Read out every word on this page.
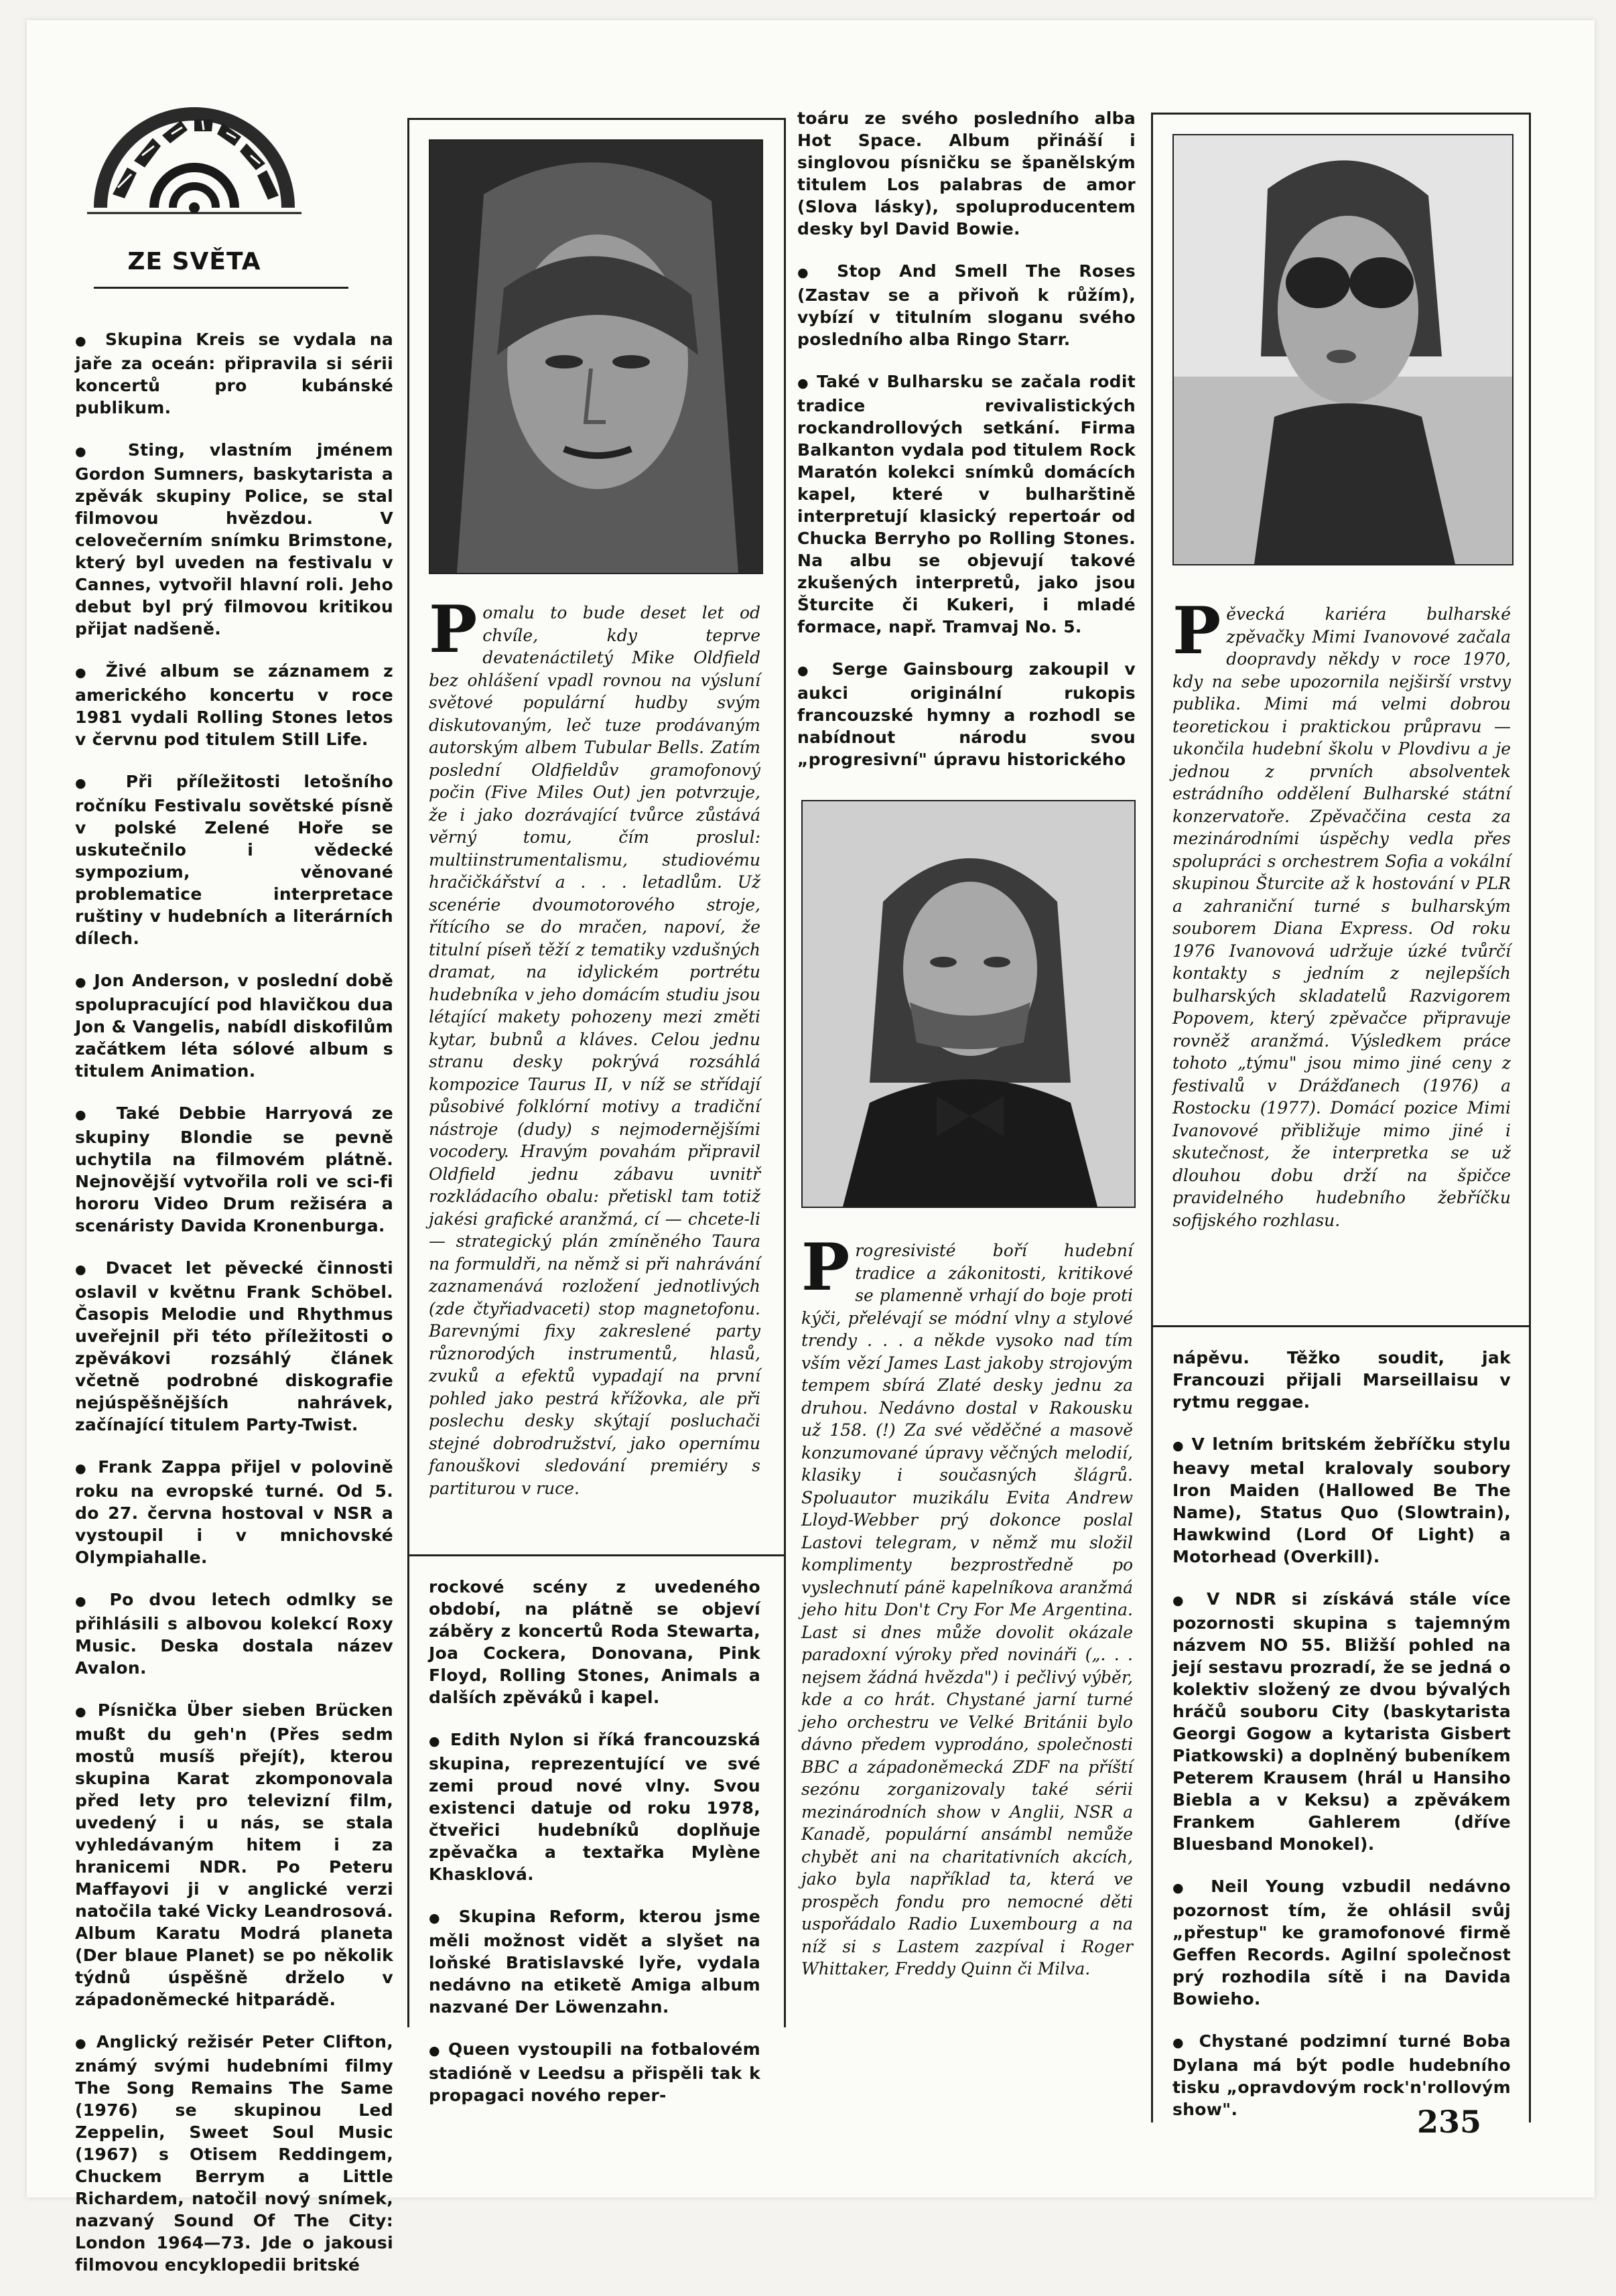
ZE SVĚTA

● Skupina Kreis se vydala na jaře za oceán: připravila si sérii koncertů pro kubánské publikum.

● Sting, vlastním jménem Gordon Sumners, baskytarista a zpěvák skupiny Police, se stal filmovou hvězdou. V celovečerním snímku Brimstone, který byl uveden na festivalu v Cannes, vytvořil hlavní roli. Jeho debut byl prý filmovou kritikou přijat nadšeně.

● Živé album se záznamem z amerického koncertu v roce 1981 vydali Rolling Stones letos v červnu pod titulem Still Life.

● Při příležitosti letošního ročníku Festivalu sovětské písně v polské Zelené Hoře se uskutečnilo i vědecké sympozium, věnované problematice interpretace ruštiny v hudebních a literárních dílech.

● Jon Anderson, v poslední době spolupracující pod hlavičkou dua Jon & Vangelis, nabídl diskofilům začátkem léta sólové album s titulem Animation.

● Také Debbie Harryová ze skupiny Blondie se pevně uchytila na filmovém plátně. Nejnovější vytvořila roli ve sci-fi hororu Video Drum režiséra a scenáristy Davida Kronenburga.

● Dvacet let pěvecké činnosti oslavil v květnu Frank Schöbel. Časopis Melodie und Rhythmus uveřejnil při této příležitosti o zpěvákovi rozsáhlý článek včetně podrobné diskografie nejúspěšnějších nahrávek, začínající titulem Party-Twist.

● Frank Zappa přijel v polovině roku na evropské turné. Od 5. do 27. června hostoval v NSR a vystoupil i v mnichovské Olympiahalle.

● Po dvou letech odmlky se přihlásili s albovou kolekcí Roxy Music. Deska dostala název Avalon.

● Písnička Über sieben Brücken mußt du geh'n (Přes sedm mostů musíš přejít), kterou skupina Karat zkomponovala před lety pro televizní film, uvedený i u nás, se stala vyhledávaným hitem i za hranicemi NDR. Po Peteru Maffayovi ji v anglické verzi natočila také Vicky Leandrosová. Album Karatu Modrá planeta (Der blaue Planet) se po několik týdnů úspěšně drželo v západoněmecké hitparádě.

● Anglický režisér Peter Clifton, známý svými hudebními filmy The Song Remains The Same (1976) se skupinou Led Zeppelin, Sweet Soul Music (1967) s Otisem Reddingem, Chuckem Berrym a Little Richardem, natočil nový snímek, nazvaný Sound Of The City: London 1964—73. Jde o jakousi filmovou encyklopedii britské

Pomalu to bude deset let od chvíle, kdy teprve devatenáctiletý Mike Oldfield bez ohlášení vpadl rovnou na výsluní světové populární hudby svým diskutovaným, leč tuze prodávaným autorským albem Tubular Bells. Zatím poslední Oldfieldův gramofonový počin (Five Miles Out) jen potvrzuje, že i jako dozrávající tvůrce zůstává věrný tomu, čím proslul: multiinstrumentalismu, studiovému hračičkářství a . . . letadlům. Už scenérie dvoumotorového stroje, řítícího se do mračen, napoví, že titulní píseň těží z tematiky vzdušných dramat, na idylickém portrétu hudebníka v jeho domácím studiu jsou létající makety pohozeny mezi změti kytar, bubnů a kláves. Celou jednu stranu desky pokrývá rozsáhlá kompozice Taurus II, v níž se střídají působivé folklórní motivy a tradiční nástroje (dudy) s nejmodernějšími vocodery. Hravým povahám připravil Oldfield jednu zábavu uvnitř rozkládacího obalu: přetiskl tam totiž jakési grafické aranžmá, cí — chcete-li — strategický plán zmíněného Taura na formuldři, na němž si při nahrávání zaznamenává rozložení jednotlivých (zde čtyřiadvaceti) stop magnetofonu. Barevnými fixy zakreslené party různorodých instrumentů, hlasů, zvuků a efektů vypadají na první pohled jako pestrá křížovka, ale při poslechu desky skýtají posluchači stejné dobrodružství, jako opernímu fanouškovi sledování premiéry s partiturou v ruce.

rockové scény z uvedeného období, na plátně se objeví záběry z koncertů Roda Stewarta, Joa Cockera, Donovana, Pink Floyd, Rolling Stones, Animals a dalších zpěváků i kapel.

● Edith Nylon si říká francouzská skupina, reprezentující ve své zemi proud nové vlny. Svou existenci datuje od roku 1978, čtveřici hudebníků doplňuje zpěvačka a textařka Mylène Khasklová.

● Skupina Reform, kterou jsme měli možnost vidět a slyšet na loňské Bratislavské lyře, vydala nedávno na etiketě Amiga album nazvané Der Löwenzahn.

● Queen vystoupili na fotbalovém stadióně v Leedsu a přispěli tak k propagaci nového reper-

toáru ze svého posledního alba Hot Space. Album přináší i singlovou písničku se španělským titulem Los palabras de amor (Slova lásky), spoluproducentem desky byl David Bowie.

● Stop And Smell The Roses (Zastav se a přivoň k růžím), vybízí v titulním sloganu svého posledního alba Ringo Starr.

● Také v Bulharsku se začala rodit tradice revivalistických rockandrollových setkání. Firma Balkanton vydala pod titulem Rock Maratón kolekci snímků domácích kapel, které v bulharštině interpretují klasický repertoár od Chucka Berryho po Rolling Stones. Na albu se objevují takové zkušených interpretů, jako jsou Šturcite či Kukeri, i mladé formace, např. Tramvaj No. 5.

● Serge Gainsbourg zakoupil v aukci originální rukopis francouzské hymny a rozhodl se nabídnout národu svou „progresivní" úpravu historického

Progresivisté boří hudební tradice a zákonitosti, kritikové se plamenně vrhají do boje proti kýči, přelévají se módní vlny a stylové trendy . . . a někde vysoko nad tím vším vězí James Last jakoby strojovým tempem sbírá Zlaté desky jednu za druhou. Nedávno dostal v Rakousku už 158. (!) Za své věděčné a masově konzumované úpravy věčných melodií, klasiky i současných šlágrů. Spoluautor muzikálu Evita Andrew Lloyd-Webber prý dokonce poslal Lastovi telegram, v němž mu složil komplimenty bezprostředně po vyslechnutí pánë kapelníkova aranžmá jeho hitu Don't Cry For Me Argentina. Last si dnes může dovolit okázale paradoxní výroky před novináři („. . . nejsem žádná hvězda") i pečlivý výběr, kde a co hrát. Chystané jarní turné jeho orchestru ve Velké Británii bylo dávno předem vyprodáno, společnosti BBC a západoněmecká ZDF na příští sezónu zorganizovaly také sérii mezinárodních show v Anglii, NSR a Kanadě, populární ansámbl nemůže chybět ani na charitativních akcích, jako byla například ta, která ve prospěch fondu pro nemocné děti uspořádalo Radio Luxembourg a na níž si s Lastem zazpíval i Roger Whittaker, Freddy Quinn či Milva.

Pěvecká kariéra bulharské zpěvačky Mimi Ivanovové začala doopravdy někdy v roce 1970, kdy na sebe upozornila nejširší vrstvy publika. Mimi má velmi dobrou teoretickou i praktickou průpravu — ukončila hudební školu v Plovdivu a je jednou z prvních absolventek estrádního oddělení Bulharské státní konzervatoře. Zpěvaččina cesta za mezinárodními úspěchy vedla přes spolupráci s orchestrem Sofia a vokální skupinou Šturcite až k hostování v PLR a zahraniční turné s bulharským souborem Diana Express. Od roku 1976 Ivanovová udržuje úzké tvůrčí kontakty s jedním z nejlepších bulharských skladatelů Razvigorem Popovem, který zpěvačce připravuje rovněž aranžmá. Výsledkem práce tohoto „týmu" jsou mimo jiné ceny z festivalů v Drážďanech (1976) a Rostocku (1977). Domácí pozice Mimi Ivanovové přibližuje mimo jiné i skutečnost, že interpretka se už dlouhou dobu drží na špičce pravidelného hudebního žebříčku sofijského rozhlasu.

nápěvu. Těžko soudit, jak Francouzi přijali Marseillaisu v rytmu reggae.

● V letním britském žebříčku stylu heavy metal kralovaly soubory Iron Maiden (Hallowed Be The Name), Status Quo (Slowtrain), Hawkwind (Lord Of Light) a Motorhead (Overkill).

● V NDR si získává stále více pozornosti skupina s tajemným názvem NO 55. Bližší pohled na její sestavu prozradí, že se jedná o kolektiv složený ze dvou bývalých hráčů souboru City (baskytarista Georgi Gogow a kytarista Gisbert Piatkowski) a doplněný bubeníkem Peterem Krausem (hrál u Hansiho Biebla a v Keksu) a zpěvákem Frankem Gahlerem (dříve Bluesband Monokel).

● Neil Young vzbudil nedávno pozornost tím, že ohlásil svůj „přestup" ke gramofonové firmě Geffen Records. Agilní společnost prý rozhodila sítě i na Davida Bowieho.

● Chystané podzimní turné Boba Dylana má být podle hudebního tisku „opravdovým rock'n'rollovým show".	235
